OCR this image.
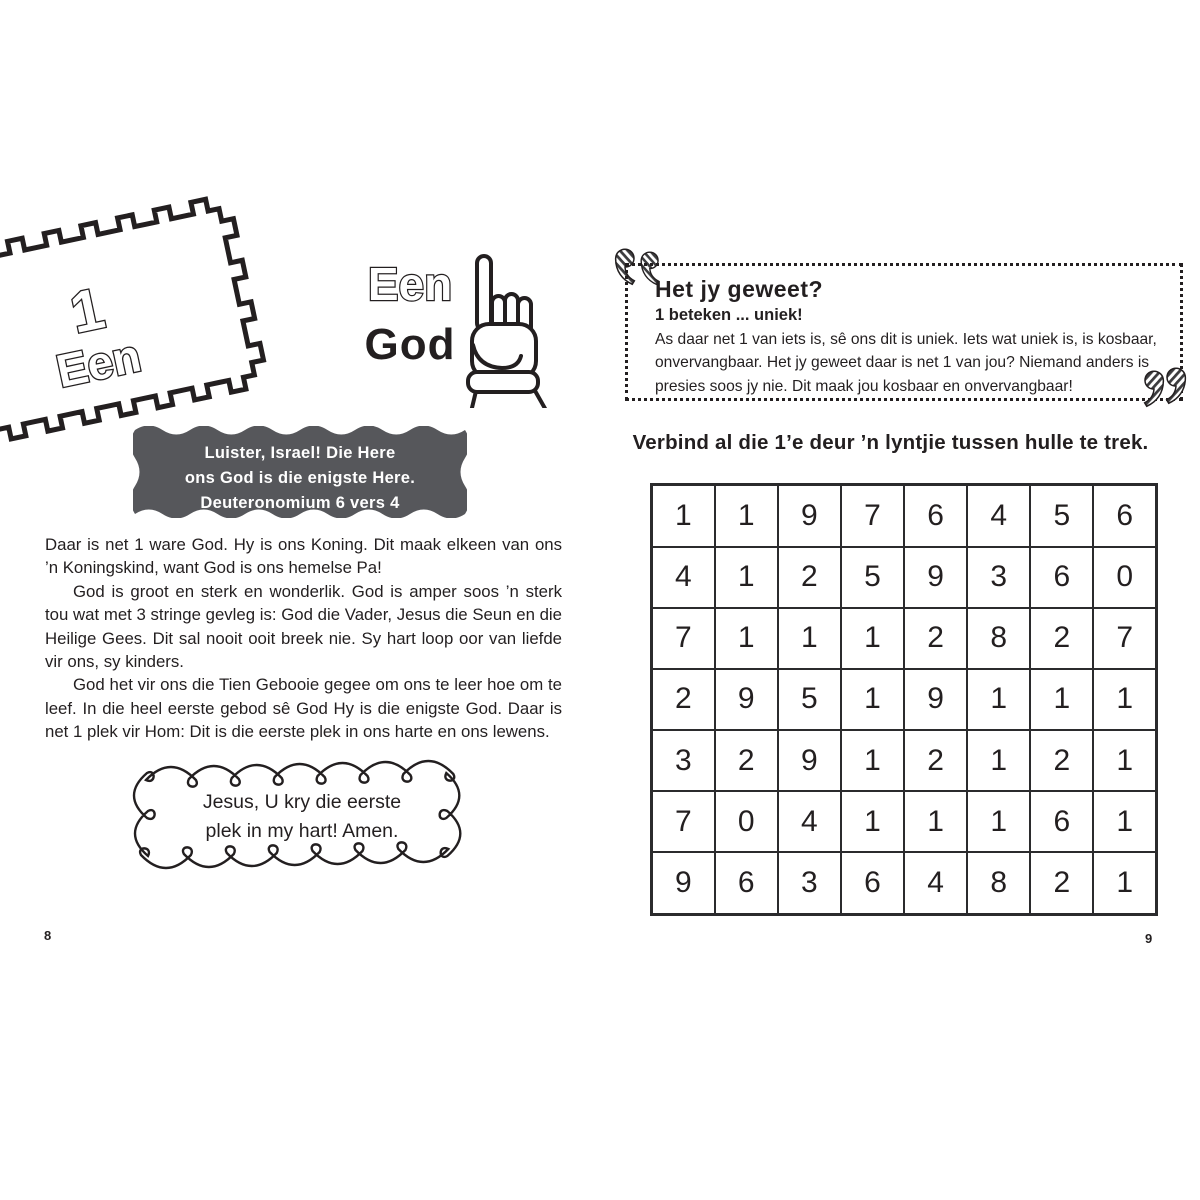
1
Een
Een
God
Luister, Israel! Die Here
ons God is die enigste Here.
Deuteronomium 6 vers 4

Daar is net 1 ware God. Hy is ons Koning. Dit maak elkeen van ons ’n Koningskind, want God is ons hemelse Pa!

God is groot en sterk en wonderlik. God is amper soos ’n sterk tou wat met 3 stringe gevleg is: God die Vader, Jesus die Seun en die Heilige Gees. Dit sal nooit ooit breek nie. Sy hart loop oor van liefde vir ons, sy kinders.

God het vir ons die Tien Gebooie gegee om ons te leer hoe om te leef. In die heel eerste gebod sê God Hy is die enigste God. Daar is net 1 plek vir Hom: Dit is die eerste plek in ons harte en ons lewens.

Jesus, U kry die eerste
plek in my hart! Amen.
8
Het jy geweet?
1 beteken ... uniek!

As daar net 1 van iets is, sê ons dit is uniek. Iets wat uniek is, is kosbaar, onvervangbaar. Het jy geweet daar is net 1 van jou? Niemand anders is presies soos jy nie. Dit maak jou kosbaar en onvervangbaar!

Verbind al die 1’e deur ’n lyntjie tussen hulle te trek.
1	1	9	7	6	4	5	6
4	1	2	5	9	3	6	0
7	1	1	1	2	8	2	7
2	9	5	1	9	1	1	1
3	2	9	1	2	1	2	1
7	0	4	1	1	1	6	1
9	6	3	6	4	8	2	1
9
